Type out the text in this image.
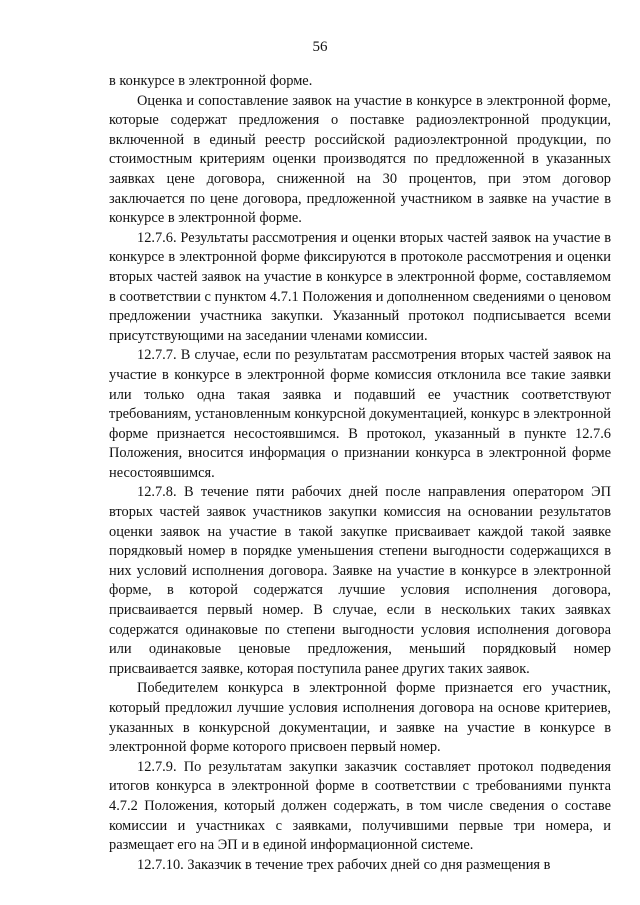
56

в конкурсе в электронной форме.

Оценка и сопоставление заявок на участие в конкурсе в электронной форме, которые содержат предложения о поставке радиоэлектронной продукции, включенной в единый реестр российской радиоэлектронной продукции, по стоимостным критериям оценки производятся по предложенной в указанных заявках цене договора, сниженной на 30 процентов, при этом договор заключается по цене договора, предложенной участником в заявке на участие в конкурсе в электронной форме.

12.7.6. Результаты рассмотрения и оценки вторых частей заявок на участие в конкурсе в электронной форме фиксируются в протоколе рассмотрения и оценки вторых частей заявок на участие в конкурсе в электронной форме, составляемом в соответствии с пунктом 4.7.1 Положения и дополненном сведениями о ценовом предложении участника закупки. Указанный протокол подписывается всеми присутствующими на заседании членами комиссии.

12.7.7. В случае, если по результатам рассмотрения вторых частей заявок на участие в конкурсе в электронной форме комиссия отклонила все такие заявки или только одна такая заявка и подавший ее участник соответствуют требованиям, установленным конкурсной документацией, конкурс в электронной форме признается несостоявшимся. В протокол, указанный в пункте 12.7.6 Положения, вносится информация о признании конкурса в электронной форме несостоявшимся.

12.7.8. В течение пяти рабочих дней после направления оператором ЭП вторых частей заявок участников закупки комиссия на основании результатов оценки заявок на участие в такой закупке присваивает каждой такой заявке порядковый номер в порядке уменьшения степени выгодности содержащихся в них условий исполнения договора. Заявке на участие в конкурсе в электронной форме, в которой содержатся лучшие условия исполнения договора, присваивается первый номер. В случае, если в нескольких таких заявках содержатся одинаковые по степени выгодности условия исполнения договора или одинаковые ценовые предложения, меньший порядковый номер присваивается заявке, которая поступила ранее других таких заявок.

Победителем конкурса в электронной форме признается его участник, который предложил лучшие условия исполнения договора на основе критериев, указанных в конкурсной документации, и заявке на участие в конкурсе в электронной форме которого присвоен первый номер.

12.7.9. По результатам закупки заказчик составляет протокол подведения итогов конкурса в электронной форме в соответствии с требованиями пункта 4.7.2 Положения, который должен содержать, в том числе сведения о составе комиссии и участниках с заявками, получившими первые три номера, и размещает его на ЭП и в единой информационной системе.

12.7.10. Заказчик в течение трех рабочих дней со дня размещения в
